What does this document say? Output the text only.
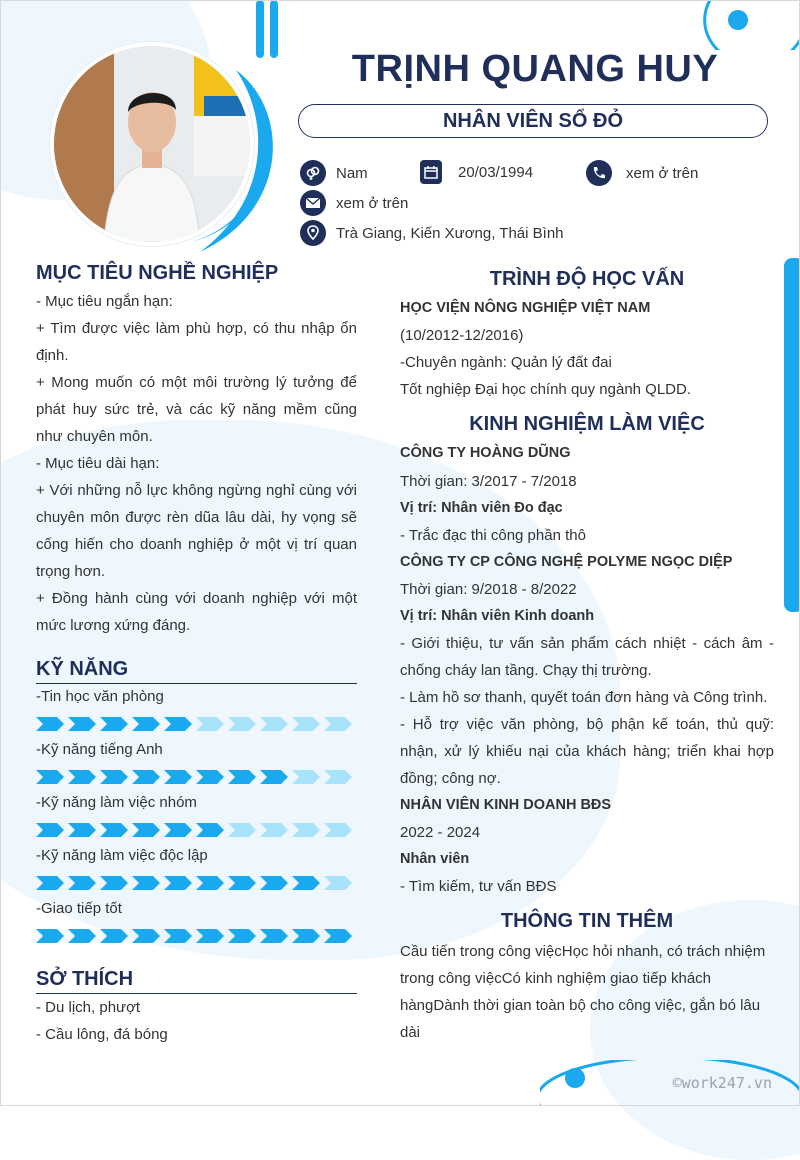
TRỊNH QUANG HUY
NHÂN VIÊN SỔ ĐỎ
Nam	20/03/1994	xem ở trên
xem ở trên
Trà Giang, Kiến Xương, Thái Bình
MỤC TIÊU NGHỀ NGHIỆP
- Mục tiêu ngắn hạn:
+ Tìm được việc làm phù hợp, có thu nhập ổn định.
+ Mong muốn có một môi trường lý tưởng để phát huy sức trẻ, và các kỹ năng mềm cũng như chuyên môn.
- Mục tiêu dài hạn:
+ Với những nỗ lực không ngừng nghỉ cùng với chuyên môn được rèn dũa lâu dài, hy vọng sẽ cống hiến cho doanh nghiệp ở một vị trí quan trọng hơn.
+ Đồng hành cùng với doanh nghiệp với một mức lương xứng đáng.
KỸ NĂNG
-Tin học văn phòng
-Kỹ năng tiếng Anh
-Kỹ năng làm việc nhóm
-Kỹ năng làm việc độc lập
-Giao tiếp tốt
SỞ THÍCH
- Du lịch, phượt
- Cầu lông, đá bóng
TRÌNH ĐỘ HỌC VẤN
HỌC VIỆN NÔNG NGHIỆP VIỆT NAM
(10/2012-12/2016)
-Chuyên ngành: Quản lý đất đai
Tốt nghiệp Đại học chính quy ngành QLDD.
KINH NGHIỆM LÀM VIỆC
CÔNG TY HOÀNG DŨNG
Thời gian: 3/2017 - 7/2018
Vị trí: Nhân viên Đo đạc
- Trắc đạc thi công phần thô
CÔNG TY CP CÔNG NGHỆ POLYME NGỌC DIỆP
Thời gian: 9/2018 - 8/2022
Vị trí: Nhân viên Kinh doanh
- Giới thiệu, tư vấn sản phẩm cách nhiệt - cách âm - chống cháy lan tầng. Chạy thị trường.
- Làm hồ sơ thanh, quyết toán đơn hàng và Công trình.
- Hỗ trợ việc văn phòng, bộ phận kế toán, thủ quỹ: nhận, xử lý khiếu nại của khách hàng; triển khai hợp đồng; công nợ.
NHÂN VIÊN KINH DOANH BĐS
2022 - 2024
Nhân viên
- Tìm kiếm, tư vấn BĐS
THÔNG TIN THÊM
Cầu tiến trong công việcHọc hỏi nhanh, có trách nhiệm trong công việcCó kinh nghiệm giao tiếp khách hàngDành thời gian toàn bộ cho công việc, gắn bó lâu dài
©work247.vn
